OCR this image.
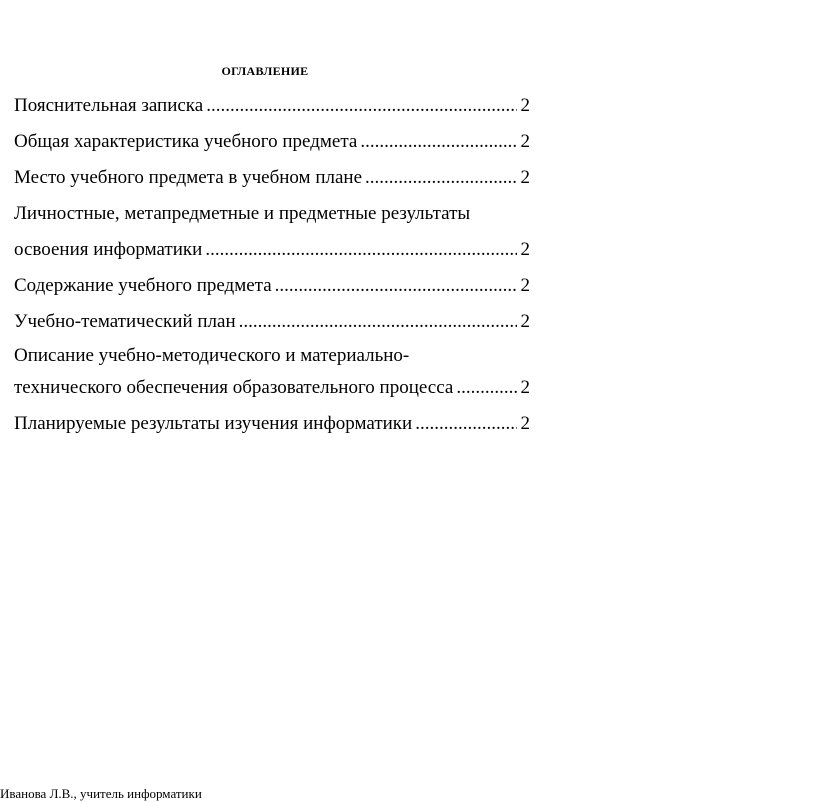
ОГЛАВЛЕНИЕ
Пояснительная записка .....	2
Общая характеристика учебного предмета .....	2
Место учебного предмета в учебном плане .....	2
Личностные, метапредметные и предметные результаты
освоения информатики .....	2
Содержание учебного предмета .....	2
Учебно-тематический план .....	2
Описание учебно-методического и материально-
технического обеспечения образовательного процесса .....	2
Планируемые результаты изучения информатики .....	2
Иванова Л.В., учитель информатики
